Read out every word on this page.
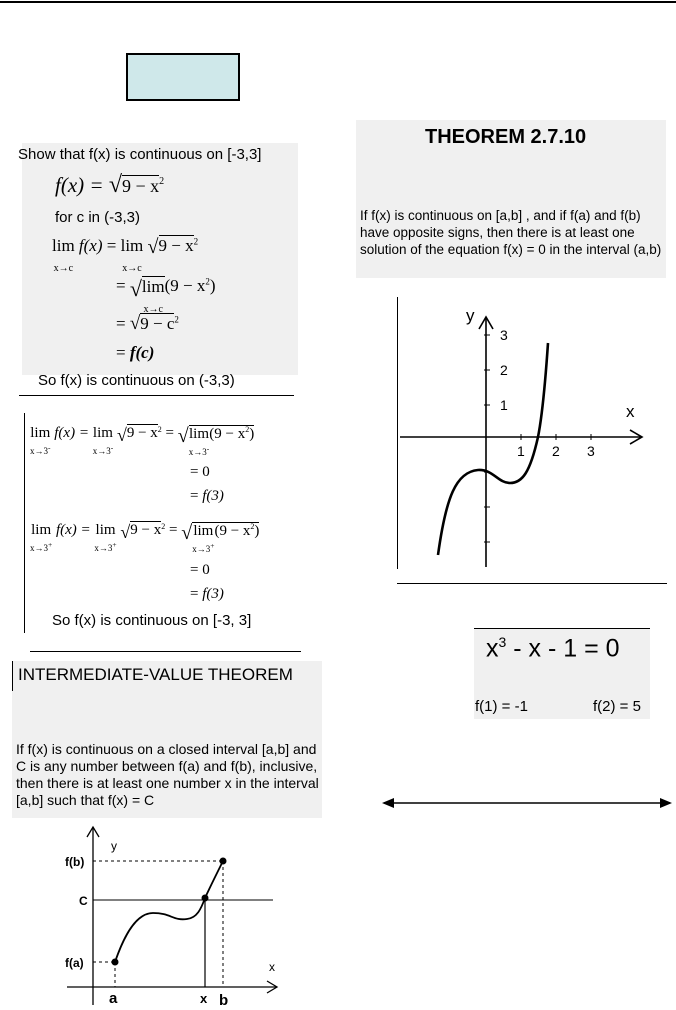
Show that f(x) is continuous on [-3,3]
$f(x) = √9 - x^2$
for c in (-3,3)
lim
x→c f(x) = lim
x→c $√9 - x^2$
= √lim
$x\to c(9 - x^2)$
= $√9 - c^2$
= f(c)
So f(x) is continuous on (-3,3)
lim
x→3- f(x) = lim
x→3- $√9 - x^2 = √\lim$
$x\to 3^-(9 - x^2)$
= 0
= f(3)
lim
x→3+ f(x) = lim
x→3+ $√9 - x^2 = √\lim$
$x\to 3^+(9 - x^2)$
= 0
= f(3)
So f(x) is continuous on [-3, 3]
INTERMEDIATE-VALUE THEOREM
If f(x) is continuous on a closed interval [a,b] and C is any number between f(a) and f(b), inclusive, then there is at least one number x in the interval [a,b] such that f(x) = C
y
x
f(b)
C
f(a)
a	x b
THEOREM 2.7.10
If f(x) is continuous on [a,b] , and if f(a) and f(b) have opposite signs, then there is at least one solution of the equation f(x) = 0 in the interval (a,b)
y
x
3
2
1
1 2 3
$x^3 - x - 1 = 0$
f(1) = -1	f(2) = 5
